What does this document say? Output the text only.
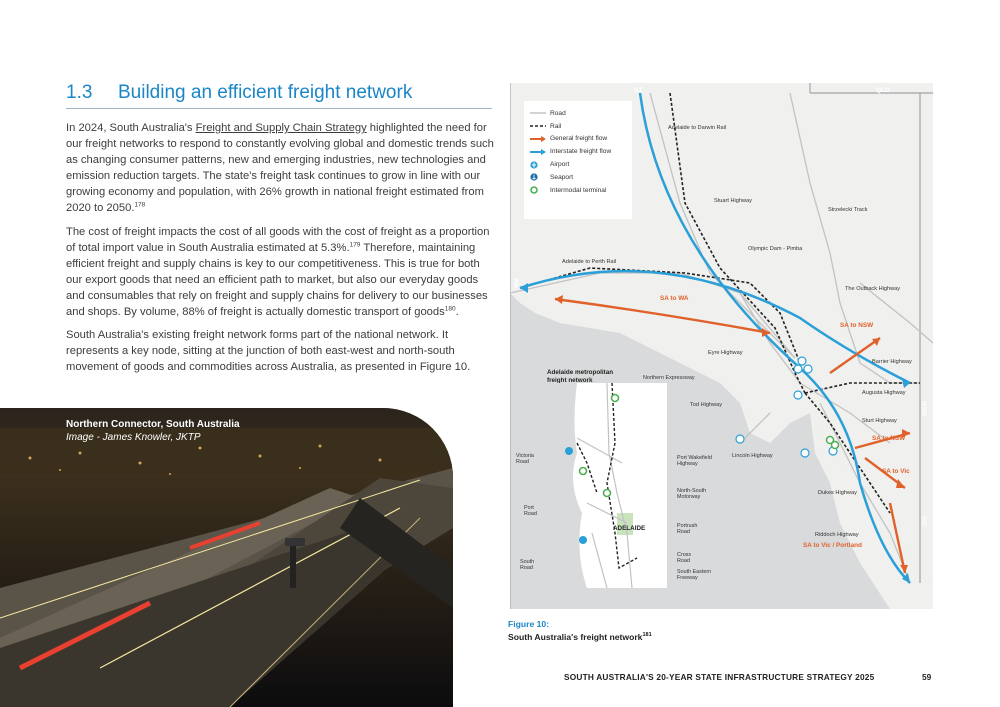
1.3 Building an efficient freight network

In 2024, South Australia's Freight and Supply Chain Strategy highlighted the need for our freight networks to respond to constantly evolving global and domestic trends such as changing consumer patterns, new and emerging industries, new technologies and emission reduction targets. The state's freight task continues to grow in line with our growing economy and population, with 26% growth in national freight estimated from 2020 to 2050.$^{178}$

The cost of freight impacts the cost of all goods with the cost of freight as a proportion of total import value in South Australia estimated at 5.3%.$^{179}$ Therefore, maintaining efficient freight and supply chains is key to our competitiveness. This is true for both our export goods that need an efficient path to market, but also our everyday goods and consumables that rely on freight and supply chains for delivery to our businesses and shops. By volume, 88% of freight is actually domestic transport of goods$^{180}$.

South Australia's existing freight network forms part of the national network. It represents a key node, sitting at the junction of both east-west and north-south movement of goods and commodities across Australia, as presented in Figure 10.

Northern Connector, South Australia
Image - James Knowler, JKTP
NT	QLD
WA
NSW
VIC
Road
Rail
General freight flow
Interstate freight flow
Airport
Seaport
Intermodal terminal
Adelaide to Darwin Rail
Stuart Highway
Strzelecki Track
Olympic Dam - Pimba
Adelaide to Perth Rail
The Outback Highway
Eyre Highway
Barrier Highway
Tod Highway
Augusta Highway
Sturt Highway
Lincoln Highway
Dukes Highway
Riddoch Highway
SA to WA
SA to NSW
SA to NSW
SA to Vic
SA to Vic / Portland
Adelaide metropolitan freight network	Northern Expressway
Victoria Road
Port Wakefield Highway
North-South Motorway
Port Road
Portrush Road
ADELAIDE
South Road
Cross Road
South Eastern Freeway
Figure 10:
South Australia's freight network$^{181}$
SOUTH AUSTRALIA'S 20-YEAR STATE INFRASTRUCTURE STRATEGY 2025	59
